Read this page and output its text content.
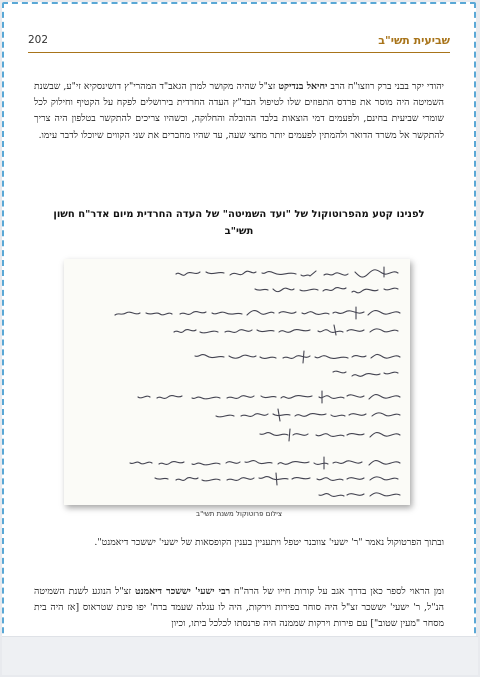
202	שביעית תשי"ב

יהודי יקר בבני ברק רוזצו"ח הרב יחיאל בנדיקט זצ"ל שהיה מקושר למרן הגאב"ד המהרי"ץ דושינסקיא זי"ע, שבשנת השמיטה היה מוסר את פרדס התפוזים שלו לטיפול הבד"ץ העדה החרדית בירושלים לפקח על הקטיף וחילוק לכל שומרי שביעית בחינם, ולפעמים דמי הוצאות בלבד ההובלה והחלוקה, וכשהיו צריכים להתקשר בטלפון היה צריך להתקשר אל משרד הדואר ולהמתין לפעמים יותר מחצי שעה, עד שהיו מחברים את שני הקווים שיוכלו לדבר עימו.

לפנינו קטע מהפרוטוקול של "ועד השמיטה" של העדה החרדית מיום אדר"ח חשון תשי"ב
צילום פרוטוקול משנת תשי"ב

ובתוך הפרטוקול נאמר "ר' ישעי' צוובנר יטפל ויתעניין בענין הקופסאות של ישעי' יששכר דיאמנט".

ומן הראוי לספר כאן בדרך אגב על קורות חייו של הרה"ח רבי ישעי' יששכר דיאמנט זצ"ל הנוגע לשנת השמיטה הנ"ל, ר' ישעי' יששכר זצ"ל היה סוחר בפירות וירקות, היה לו עגלה שעמד ברח' יפו פינת שטראוס [אז היה בית מסחר "מעין שטוב"] עם פירות וירקות שממנה היה פרנסתו לכלכל ביתו, וכיון
